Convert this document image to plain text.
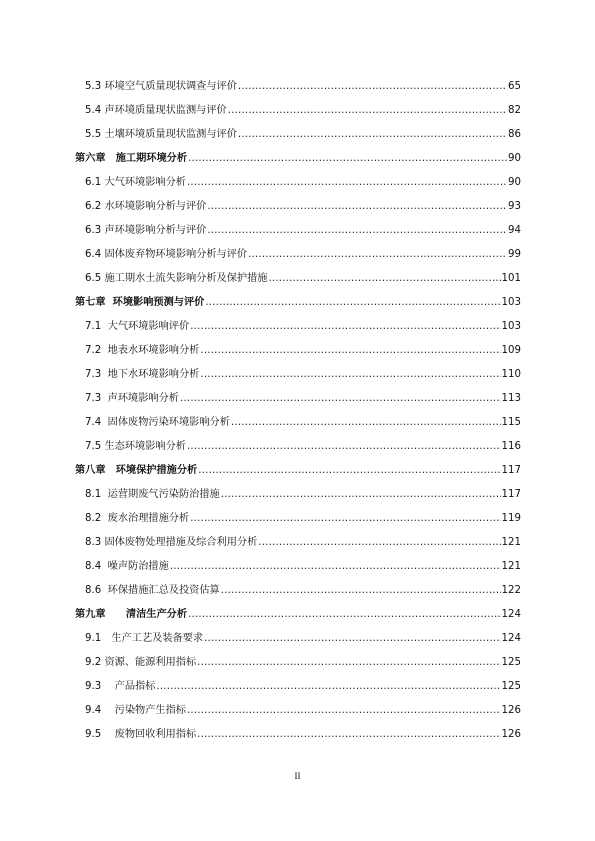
5.3 环境空气质量现状调查与评价 .....	65
5.4 声环境质量现状监测与评价 .....	82
5.5 土壤环境质量现状监测与评价 .....	86
第六章　施工期环境分析 .....	90
6.1 大气环境影响分析 .....	90
6.2 水环境影响分析与评价 .....	93
6.3 声环境影响分析与评价 .....	94
6.4 固体废弃物环境影响分析与评价 .....	99
6.5 施工期水土流失影响分析及保护措施 .....	101
第七章  环境影响预测与评价 .....	103
7.1  大气环境影响评价 .....	103
7.2  地表水环境影响分析 .....	109
7.3  地下水环境影响分析 .....	110
7.3  声环境影响分析 .....	113
7.4  固体废物污染环境影响分析 .....	115
7.5 生态环境影响分析 .....	116
第八章　环境保护措施分析 .....	117
8.1  运营期废气污染防治措施 .....	117
8.2  废水治理措施分析 .....	119
8.3 固体废物处理措施及综合利用分析 .....	121
8.4  噪声防治措施 .....	121
8.6  环保措施汇总及投资估算 .....	122
第九章　　清洁生产分析 .....	124
9.1　生产工艺及装备要求 .....	124
9.2 资源、能源利用指标 .....	125
9.3　 产品指标 .....	125
9.4　 污染物产生指标 .....	126
9.5　 废物回收利用指标 .....	126
II
